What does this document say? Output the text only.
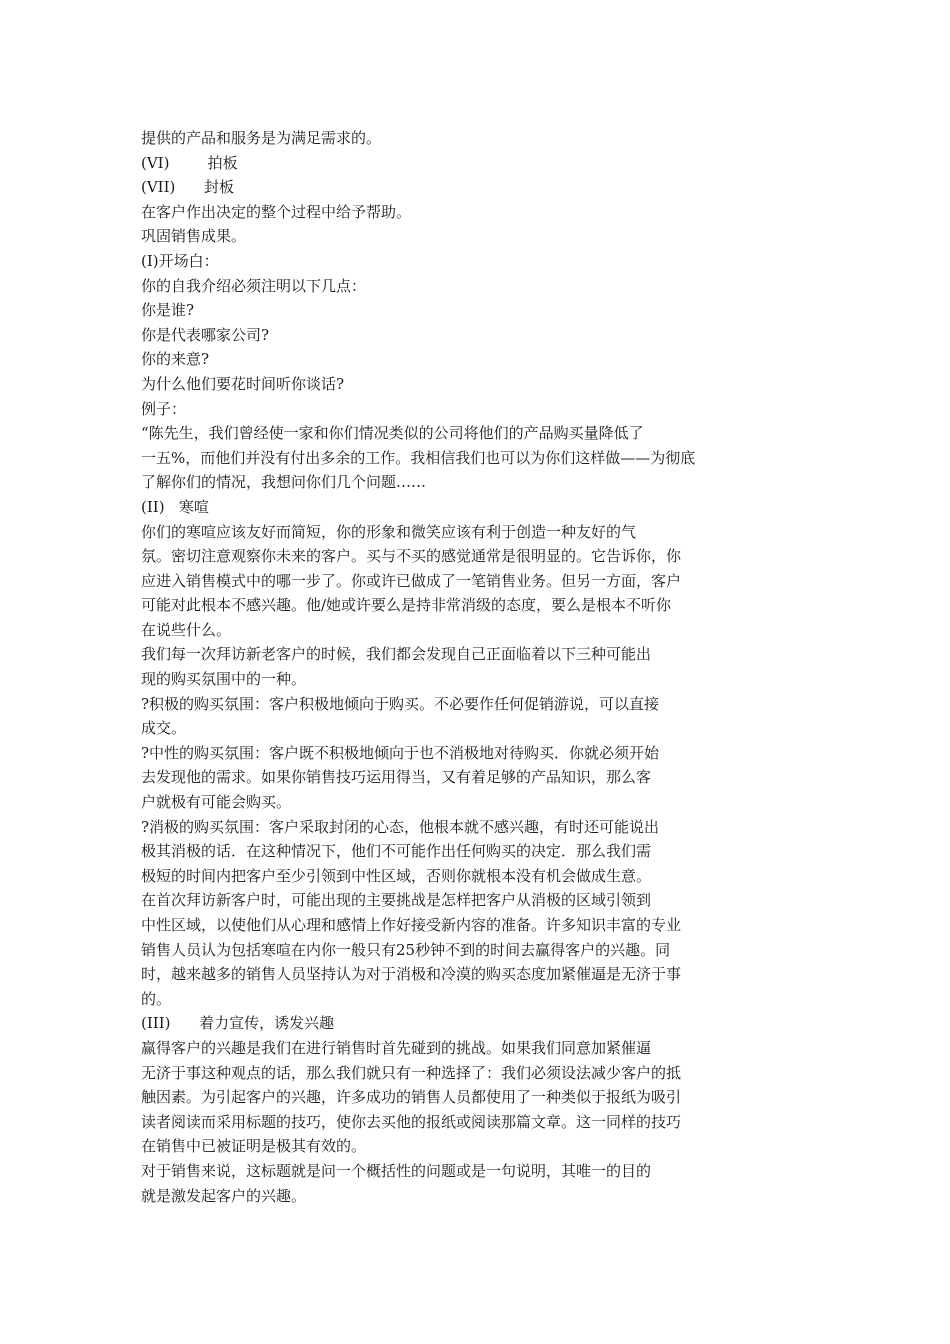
提供的产品和服务是为满足需求的。
(VI)        拍板
(VII)      封板
在客户作出决定的整个过程中给予帮助。
巩固销售成果。
(I)开场白：
你的自我介绍必须注明以下几点：
你是谁?
你是代表哪家公司?
你的来意?
为什么他们要花时间听你谈话?
例子：
“陈先生，我们曾经使一家和你们情况类似的公司将他们的产品购买量降低了
一五%，而他们并没有付出多余的工作。我相信我们也可以为你们这样做——为彻底
了解你们的情况，我想问你们几个问题……
(II)   寒喧
你们的寒喧应该友好而简短，你的形象和微笑应该有利于创造一种友好的气
氛。密切注意观察你未来的客户。买与不买的感觉通常是很明显的。它告诉你，你
应进入销售模式中的哪一步了。你或许已做成了一笔销售业务。但另一方面，客户
可能对此根本不感兴趣。他/她或许要么是持非常消级的态度，要么是根本不听你
在说些什么。
我们每一次拜访新老客户的时候，我们都会发现自己正面临着以下三种可能出
现的购买氛围中的一种。
?积极的购买氛围：客户积极地倾向于购买。不必要作任何促销游说，可以直接
成交。
?中性的购买氛围：客户既不积极地倾向于也不消极地对待购买．你就必须开始
去发现他的需求。如果你销售技巧运用得当，又有着足够的产品知识，那么客
户就极有可能会购买。
?消极的购买氛围：客户采取封闭的心态，他根本就不感兴趣，有时还可能说出
极其消极的话．在这种情况下，他们不可能作出任何购买的决定．那么我们需
极短的时间内把客户至少引领到中性区域，否则你就根本没有机会做成生意。
在首次拜访新客户时，可能出现的主要挑战是怎样把客户从消极的区域引领到
中性区域，以使他们从心理和感情上作好接受新内容的准备。许多知识丰富的专业
销售人员认为包括寒喧在内你一般只有25秒钟不到的时间去赢得客户的兴趣。同
时，越来越多的销售人员坚持认为对于消极和冷漠的购买态度加紧催逼是无济于事
的。
(III)      着力宣传，诱发兴趣
赢得客户的兴趣是我们在进行销售时首先碰到的挑战。如果我们同意加紧催逼
无济于事这种观点的话，那么我们就只有一种选择了：我们必须设法减少客户的抵
触因素。为引起客户的兴趣，许多成功的销售人员都使用了一种类似于报纸为吸引
读者阅读而采用标题的技巧，使你去买他的报纸或阅读那篇文章。这一同样的技巧
在销售中已被证明是极其有效的。
对于销售来说，这标题就是问一个概括性的问题或是一句说明，其唯一的目的
就是激发起客户的兴趣。
